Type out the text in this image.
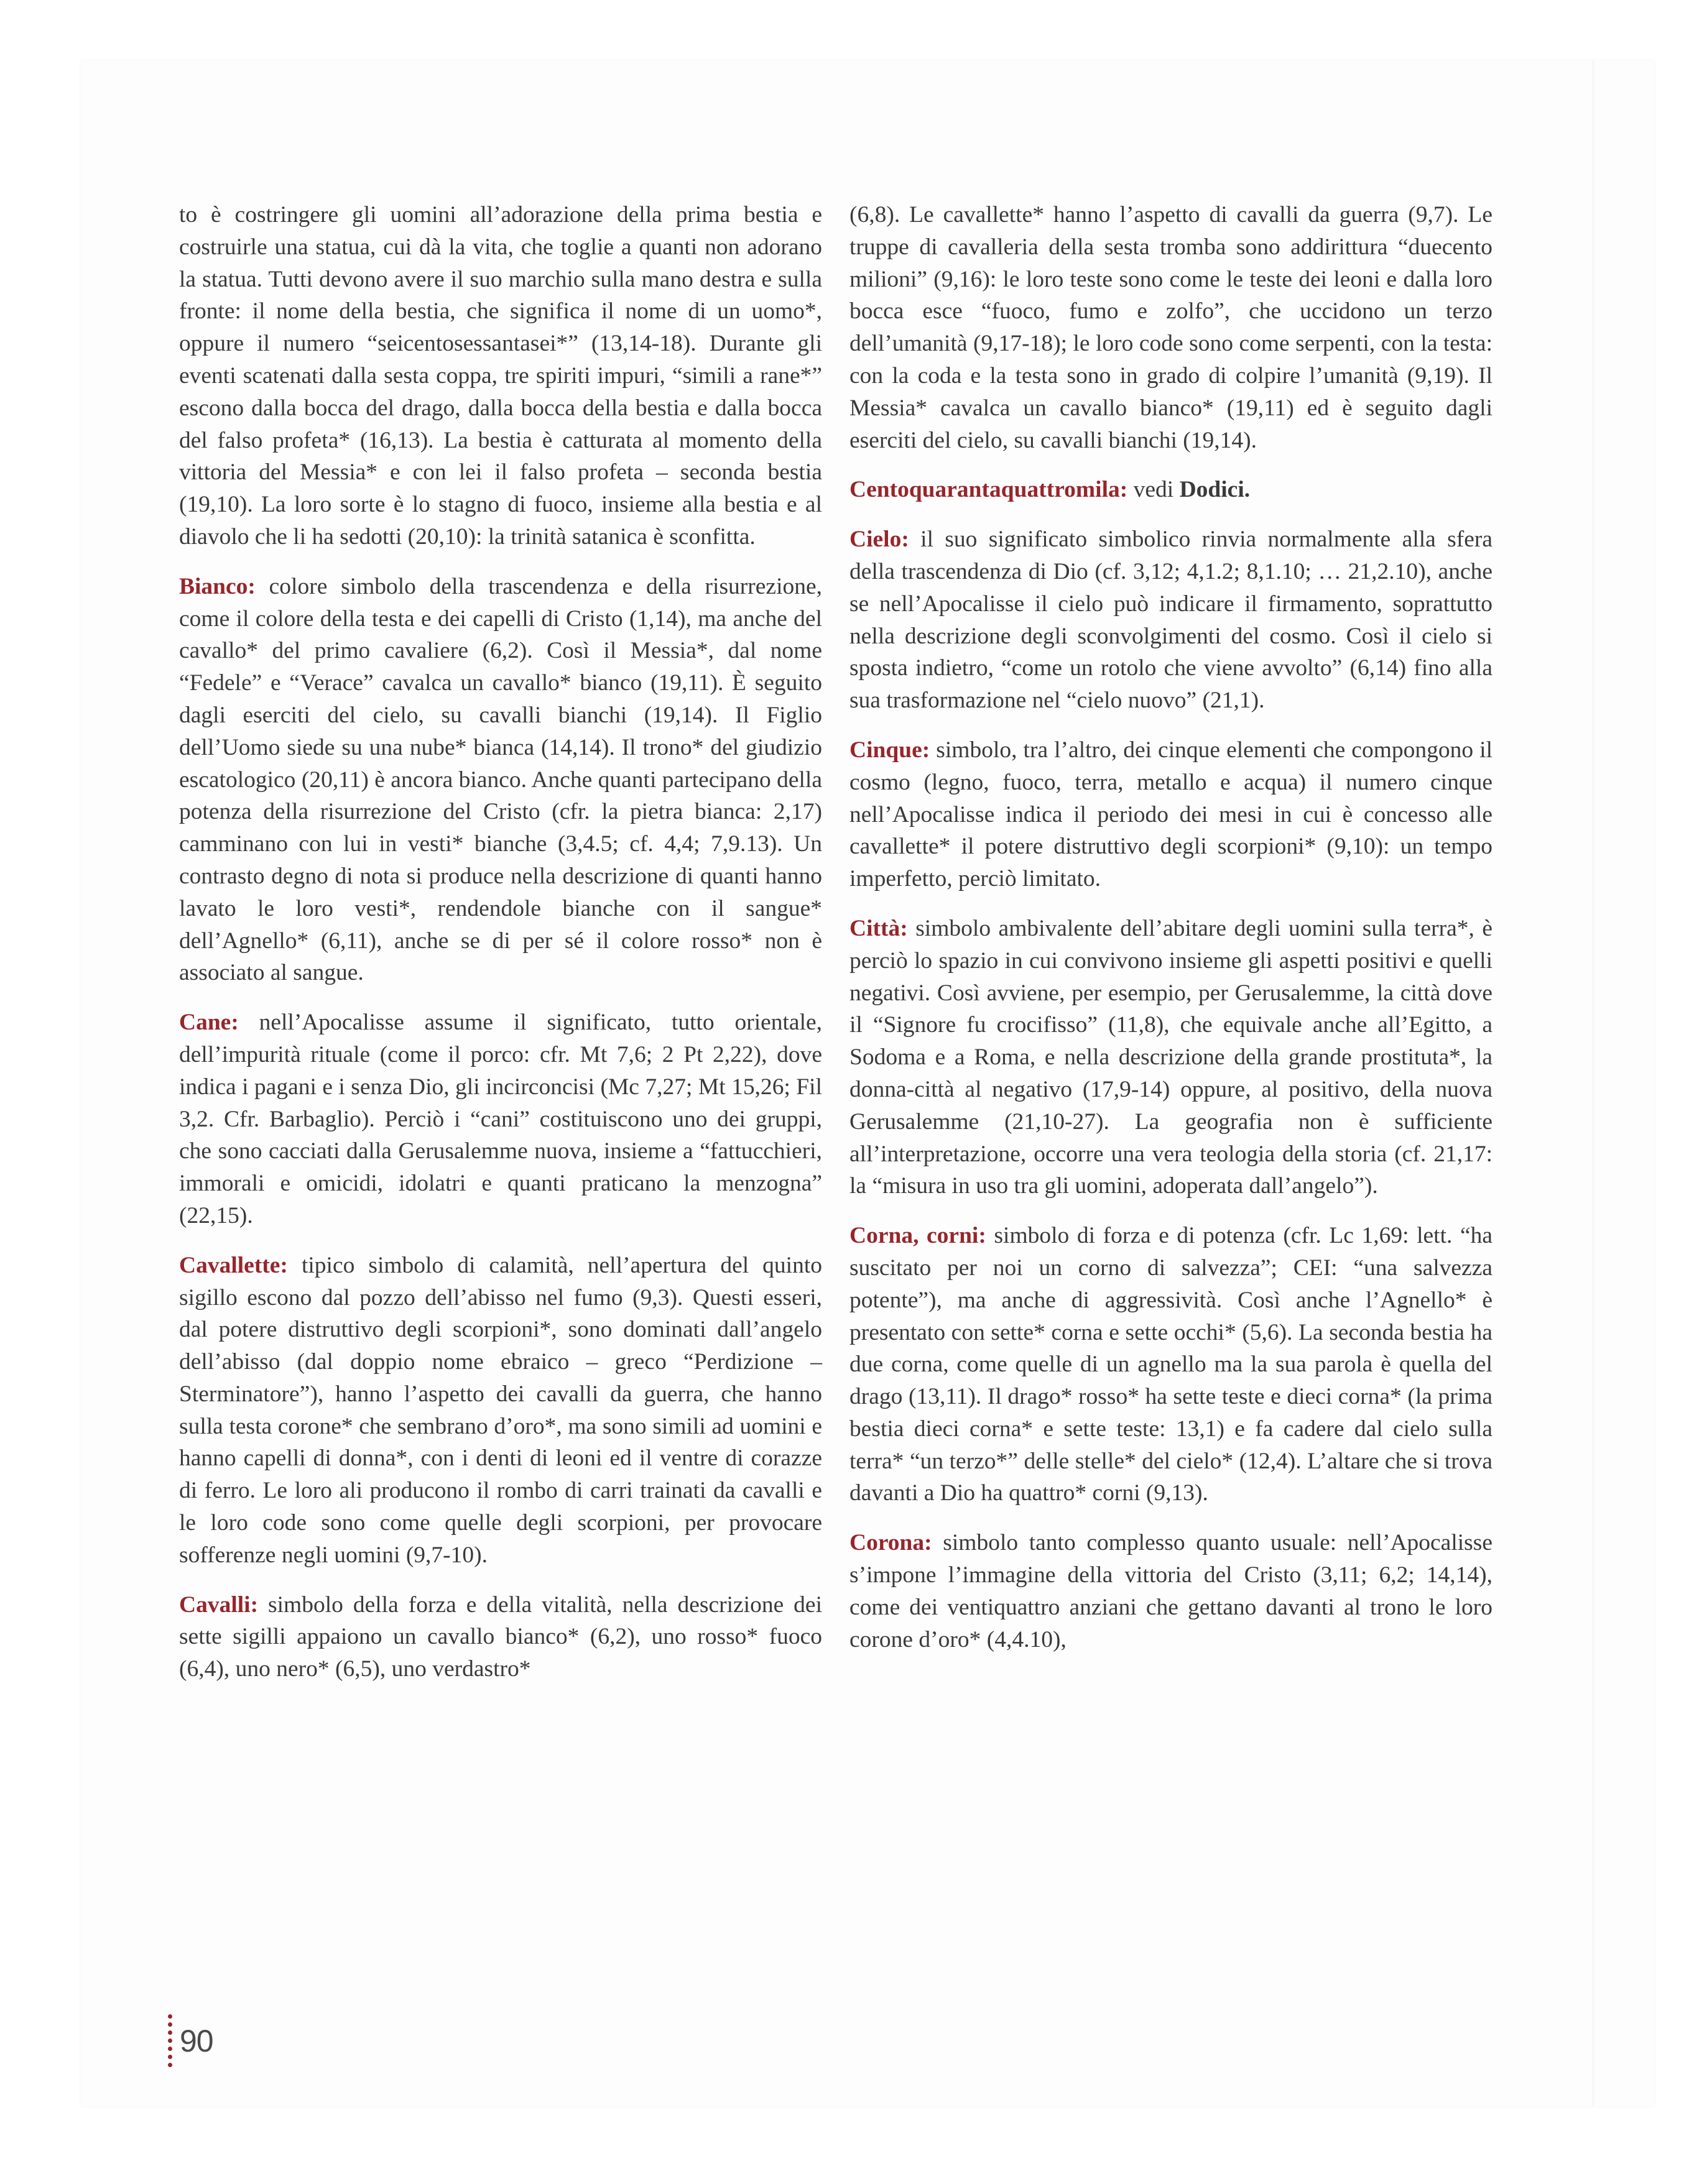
to è costringere gli uomini all’adorazione della prima bestia e costruirle una statua, cui dà la vita, che toglie a quanti non adorano la statua. Tutti devono avere il suo marchio sulla mano destra e sulla fronte: il nome della bestia, che significa il nome di un uomo*, oppure il numero “seicentosessantasei*” (13,14-18). Durante gli eventi scatenati dalla sesta coppa, tre spiriti impuri, “simili a rane*” escono dalla bocca del drago, dalla bocca della bestia e dalla bocca del falso profeta* (16,13). La bestia è catturata al momento della vittoria del Messia* e con lei il falso profeta – seconda bestia (19,10). La loro sorte è lo stagno di fuoco, insieme alla bestia e al diavolo che li ha sedotti (20,10): la trinità satanica è sconfitta.

Bianco: colore simbolo della trascendenza e della risurrezione, come il colore della testa e dei capelli di Cristo (1,14), ma anche del cavallo* del primo cavaliere (6,2). Così il Messia*, dal nome “Fedele” e “Verace” cavalca un cavallo* bianco (19,11). È seguito dagli eserciti del cielo, su cavalli bianchi (19,14). Il Figlio dell’Uomo siede su una nube* bianca (14,14). Il trono* del giudizio escatologico (20,11) è ancora bianco. Anche quanti partecipano della potenza della risurrezione del Cristo (cfr. la pietra bianca: 2,17) camminano con lui in vesti* bianche (3,4.5; cf. 4,4; 7,9.13). Un contrasto degno di nota si produce nella descrizione di quanti hanno lavato le loro vesti*, rendendole bianche con il sangue* dell’Agnello* (6,11), anche se di per sé il colore rosso* non è associato al sangue.

Cane: nell’Apocalisse assume il significato, tutto orientale, dell’impurità rituale (come il porco: cfr. Mt 7,6; 2 Pt 2,22), dove indica i pagani e i senza Dio, gli incirconcisi (Mc 7,27; Mt 15,26; Fil 3,2. Cfr. Barbaglio). Perciò i “cani” costituiscono uno dei gruppi, che sono cacciati dalla Gerusalemme nuova, insieme a “fattucchieri, immorali e omicidi, idolatri e quanti praticano la menzogna” (22,15).

Cavallette: tipico simbolo di calamità, nell’apertura del quinto sigillo escono dal pozzo dell’abisso nel fumo (9,3). Questi esseri, dal potere distruttivo degli scorpioni*, sono dominati dall’angelo dell’abisso (dal doppio nome ebraico – greco “Perdizione – Sterminatore”), hanno l’aspetto dei cavalli da guerra, che hanno sulla testa corone* che sembrano d’oro*, ma sono simili ad uomini e hanno capelli di donna*, con i denti di leoni ed il ventre di corazze di ferro. Le loro ali producono il rombo di carri trainati da cavalli e le loro code sono come quelle degli scorpioni, per provocare sofferenze negli uomini (9,7-10).

Cavalli: simbolo della forza e della vitalità, nella descrizione dei sette sigilli appaiono un cavallo bianco* (6,2), uno rosso* fuoco (6,4), uno nero* (6,5), uno verdastro*

(6,8). Le cavallette* hanno l’aspetto di cavalli da guerra (9,7). Le truppe di cavalleria della sesta tromba sono addirittura “duecento milioni” (9,16): le loro teste sono come le teste dei leoni e dalla loro bocca esce “fuoco, fumo e zolfo”, che uccidono un terzo dell’umanità (9,17-18); le loro code sono come serpenti, con la testa: con la coda e la testa sono in grado di colpire l’umanità (9,19). Il Messia* cavalca un cavallo bianco* (19,11) ed è seguito dagli eserciti del cielo, su cavalli bianchi (19,14).

Centoquarantaquattromila: vedi Dodici.

Cielo: il suo significato simbolico rinvia normalmente alla sfera della trascendenza di Dio (cf. 3,12; 4,1.2; 8,1.10; … 21,2.10), anche se nell’Apocalisse il cielo può indicare il firmamento, soprattutto nella descrizione degli sconvolgimenti del cosmo. Così il cielo si sposta indietro, “come un rotolo che viene avvolto” (6,14) fino alla sua trasformazione nel “cielo nuovo” (21,1).

Cinque: simbolo, tra l’altro, dei cinque elementi che compongono il cosmo (legno, fuoco, terra, metallo e acqua) il numero cinque nell’Apocalisse indica il periodo dei mesi in cui è concesso alle cavallette* il potere distruttivo degli scorpioni* (9,10): un tempo imperfetto, perciò limitato.

Città: simbolo ambivalente dell’abitare degli uomini sulla terra*, è perciò lo spazio in cui convivono insieme gli aspetti positivi e quelli negativi. Così avviene, per esempio, per Gerusalemme, la città dove il “Signore fu crocifisso” (11,8), che equivale anche all’Egitto, a Sodoma e a Roma, e nella descrizione della grande prostituta*, la donna-città al negativo (17,9-14) oppure, al positivo, della nuova Gerusalemme (21,10-27). La geografia non è sufficiente all’interpretazione, occorre una vera teologia della storia (cf. 21,17: la “misura in uso tra gli uomini, adoperata dall’angelo”).

Corna, corni: simbolo di forza e di potenza (cfr. Lc 1,69: lett. “ha suscitato per noi un corno di salvezza”; CEI: “una salvezza potente”), ma anche di aggressività. Così anche l’Agnello* è presentato con sette* corna e sette occhi* (5,6). La seconda bestia ha due corna, come quelle di un agnello ma la sua parola è quella del drago (13,11). Il drago* rosso* ha sette teste e dieci corna* (la prima bestia dieci corna* e sette teste: 13,1) e fa cadere dal cielo sulla terra* “un terzo*” delle stelle* del cielo* (12,4). L’altare che si trova davanti a Dio ha quattro* corni (9,13).

Corona: simbolo tanto complesso quanto usuale: nell’Apocalisse s’impone l’immagine della vittoria del Cristo (3,11; 6,2; 14,14), come dei ventiquattro anziani che gettano davanti al trono le loro corone d’oro* (4,4.10),

90
